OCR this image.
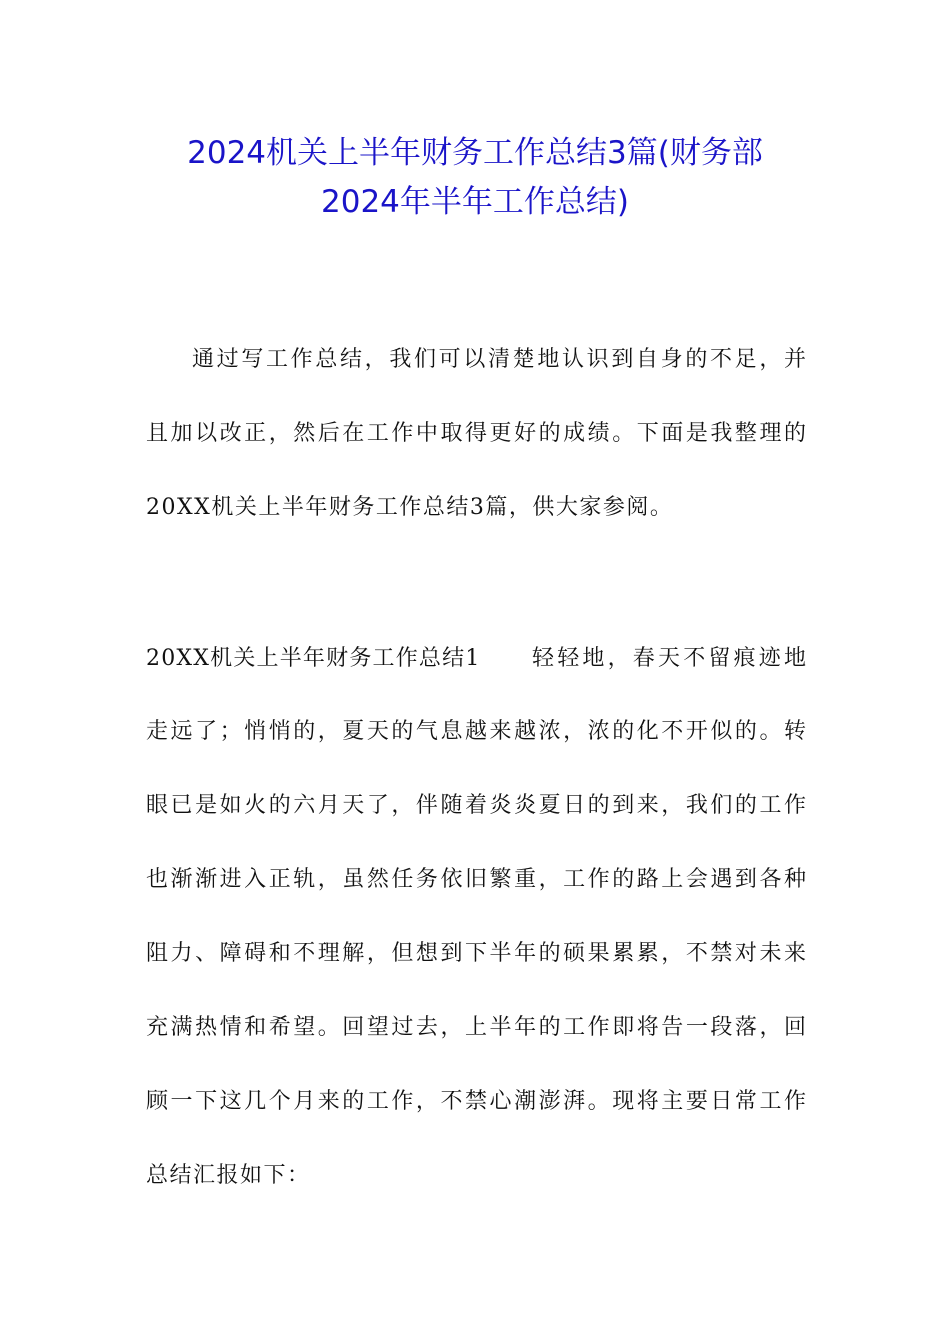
2024机关上半年财务工作总结3篇(财务部
2024年半年工作总结)
通过写工作总结，我们可以清楚地认识到自身的不足，并
且加以改正，然后在工作中取得更好的成绩。下面是我整理的
20XX机关上半年财务工作总结3篇，供大家参阅。
20XX机关上半年财务工作总结1 轻轻地，春天不留痕迹地
走远了；悄悄的，夏天的气息越来越浓，浓的化不开似的。转
眼已是如火的六月天了，伴随着炎炎夏日的到来，我们的工作
也渐渐进入正轨，虽然任务依旧繁重，工作的路上会遇到各种
阻力、障碍和不理解，但想到下半年的硕果累累，不禁对未来
充满热情和希望。回望过去，上半年的工作即将告一段落，回
顾一下这几个月来的工作，不禁心潮澎湃。现将主要日常工作
总结汇报如下：
